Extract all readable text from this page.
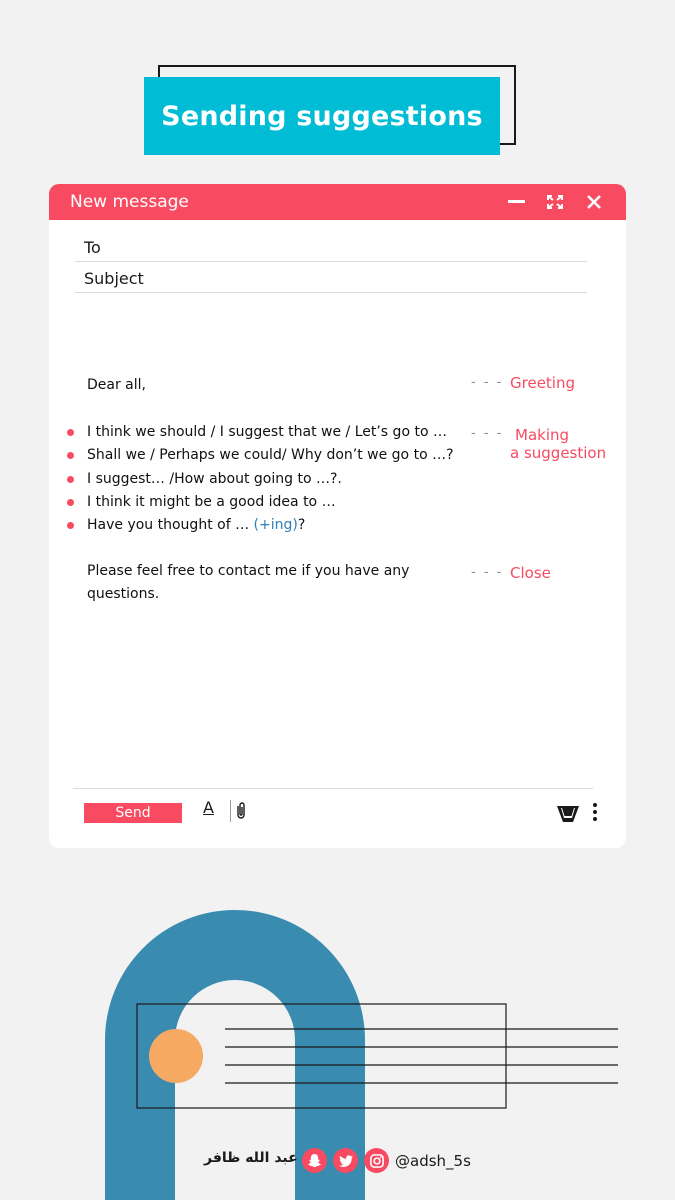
Sending suggestions
New message
To
Subject
Dear all,
I think we should / I suggest that we / Let’s go to …
Shall we / Perhaps we could/ Why don’t we go to …?
I suggest… /How about going to …?.
I think it might be a good idea to …
Have you thought of … (+ing)?
Please feel free to contact me if you have any questions.
- - - Greeting
- - - Making
a suggestion
- - - Close
Send	A
عبد الله ظافر	@adsh_5s
